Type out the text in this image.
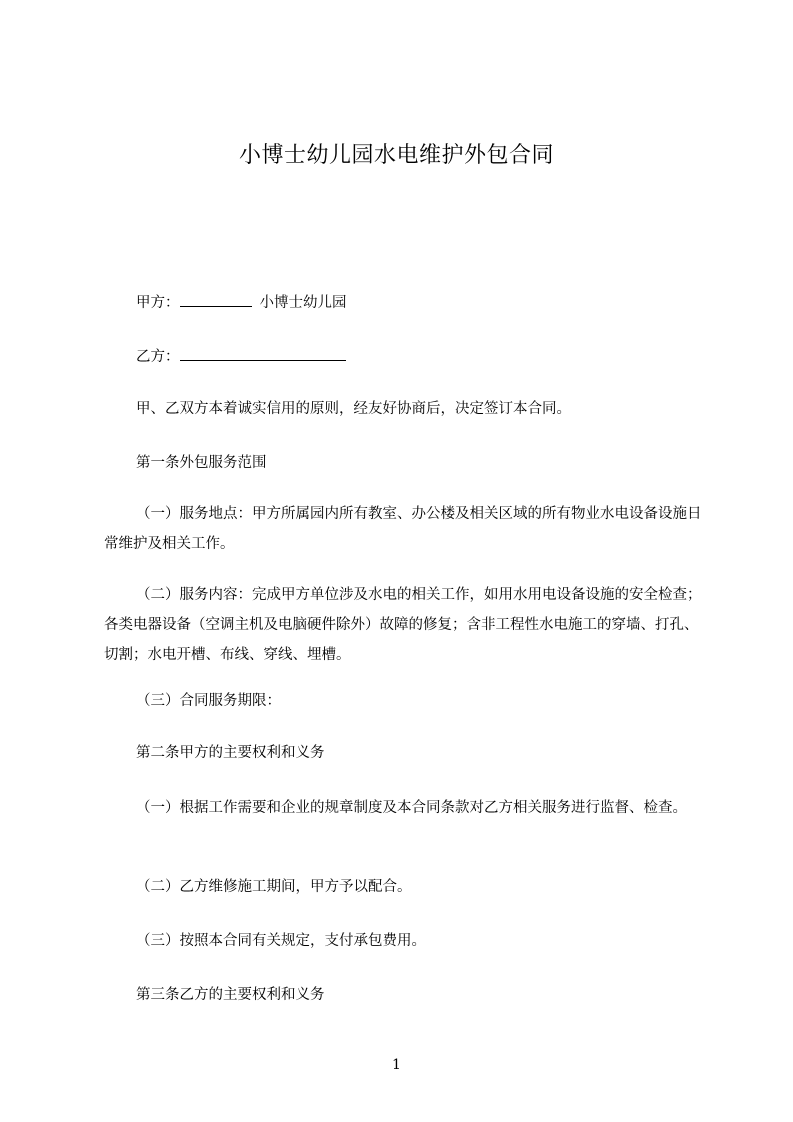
小博士幼儿园水电维护外包合同
甲方：	小博士幼儿园
乙方：
甲、乙双方本着诚实信用的原则，经友好协商后，决定签订本合同。
第一条外包服务范围
（一）服务地点：甲方所属园内所有教室、办公楼及相关区域的所有物业水电设备设施日常维护及相关工作。
（二）服务内容：完成甲方单位涉及水电的相关工作，如用水用电设备设施的安全检查；各类电器设备（空调主机及电脑硬件除外）故障的修复；含非工程性水电施工的穿墙、打孔、切割；水电开槽、布线、穿线、埋槽。
（三）合同服务期限：
第二条甲方的主要权利和义务
（一）根据工作需要和企业的规章制度及本合同条款对乙方相关服务进行监督、检查。
（二）乙方维修施工期间，甲方予以配合。
（三）按照本合同有关规定，支付承包费用。
第三条乙方的主要权利和义务
1
